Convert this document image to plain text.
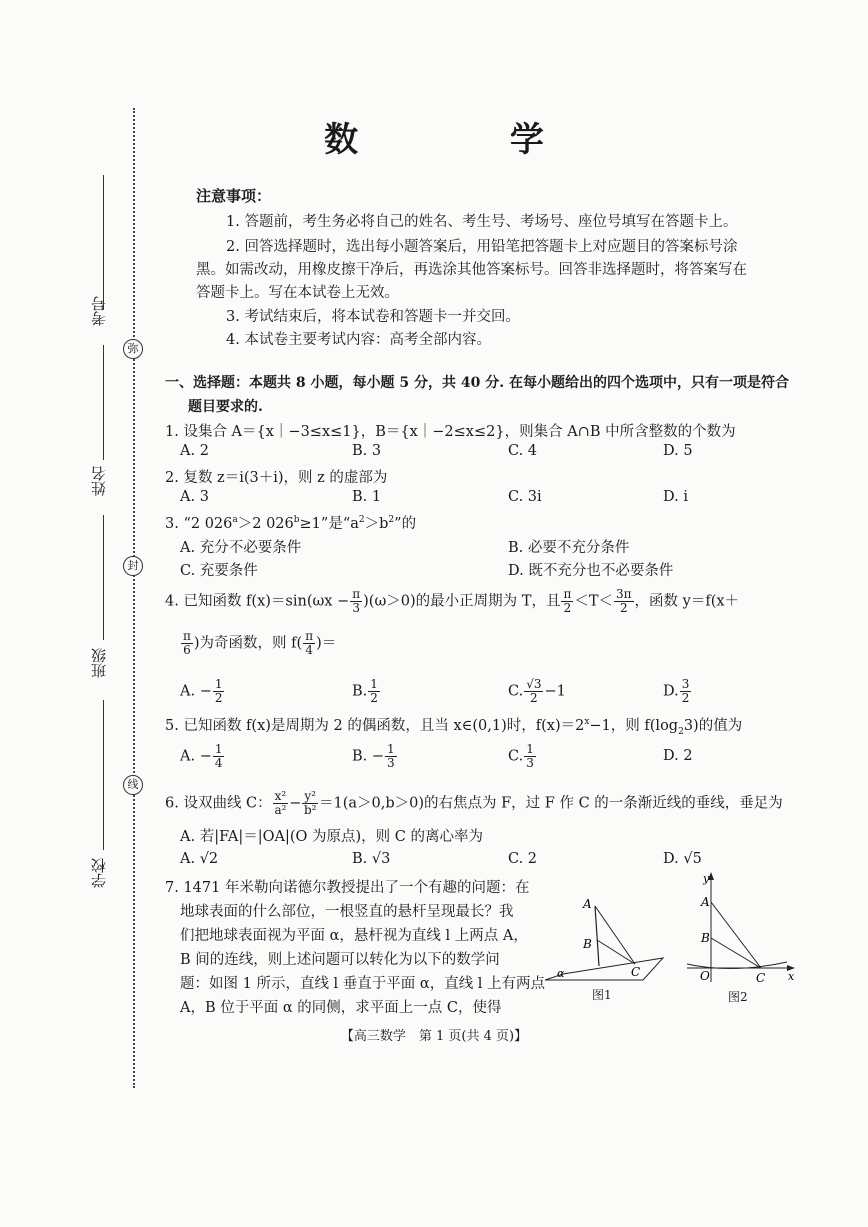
考号
姓名
班级
学校
弥
封
线
数 学
注意事项：
1. 答题前，考生务必将自己的姓名、考生号、考场号、座位号填写在答题卡上。
2. 回答选择题时，选出每小题答案后，用铅笔把答题卡上对应题目的答案标号涂
黑。如需改动，用橡皮擦干净后，再选涂其他答案标号。回答非选择题时，将答案写在
答题卡上。写在本试卷上无效。
3. 考试结束后，将本试卷和答题卡一并交回。
4. 本试卷主要考试内容：高考全部内容。
一、选择题：本题共 8 小题，每小题 5 分，共 40 分. 在每小题给出的四个选项中，只有一项是符合
题目要求的.
1. 设集合 A＝{x｜−3≤x≤1}，B＝{x｜−2≤x≤2}，则集合 A∩B 中所含整数的个数为
A. 2	B. 3	C. 4	D. 5
2. 复数 z＝i(3＋i)，则 z 的虚部为
A. 3	B. 1	C. 3i	D. i
3. “2 $026^a>2$ $026^b\ge 1$”是“$a^2>b^2$”的
A. 充分不必要条件	B. 必要不充分条件
C. 充要条件	D. 既不充分也不必要条件
4. 已知函数 $f(x)=\sin(\omega x - \frac{\pi}{3} )(\omega>0)$的最小正周期为 T，且 $\frac{\pi}{2} <T< \frac{3\pi}{2}$ ，函数 y＝f(x＋
$\frac{\pi}{6}$ )为奇函数，则 $f( \frac{\pi}{4}$ )＝
A. − $\frac{1}{2}$	B. $\frac{1}{2}$	C. $\frac{√3}{2} -1$	D. $\frac{3}{2}$
5. 已知函数 f(x)是周期为 2 的偶函数，且当 x∈(0,1)时，$f(x)=2^x-1$，则 $f(\log_23)$的值为
A. − $\frac{1}{4}$	B. − $\frac{1}{3}$	C. $\frac{1}{3}$	D. 2
6. 设双曲线 C： $\frac{\text{x²}}{\text{a²}} - \frac{\text{y²}}{\text{b²}} =1(a>0,b>0)$的右焦点为 F，过 F 作 C 的一条渐近线的垂线，垂足为
A. 若|FA|＝|OA|(O 为原点)，则 C 的离心率为
A. √2	B. √3	C. 2	D. √5
7. 1471 年米勒向诺德尔教授提出了一个有趣的问题：在
地球表面的什么部位，一根竖直的悬杆呈现最长？我
们把地球表面视为平面 α，悬杆视为直线 l 上两点 A，
B 间的连线，则上述问题可以转化为以下的数学问
题：如图 1 所示，直线 l 垂直于平面 α，直线 l 上有两点
A，B 位于平面 α 的同侧，求平面上一点 C，使得
A
B
C
α
图1
y
A
B
O	C x
图2
【高三数学　第 1 页(共 4 页)】
